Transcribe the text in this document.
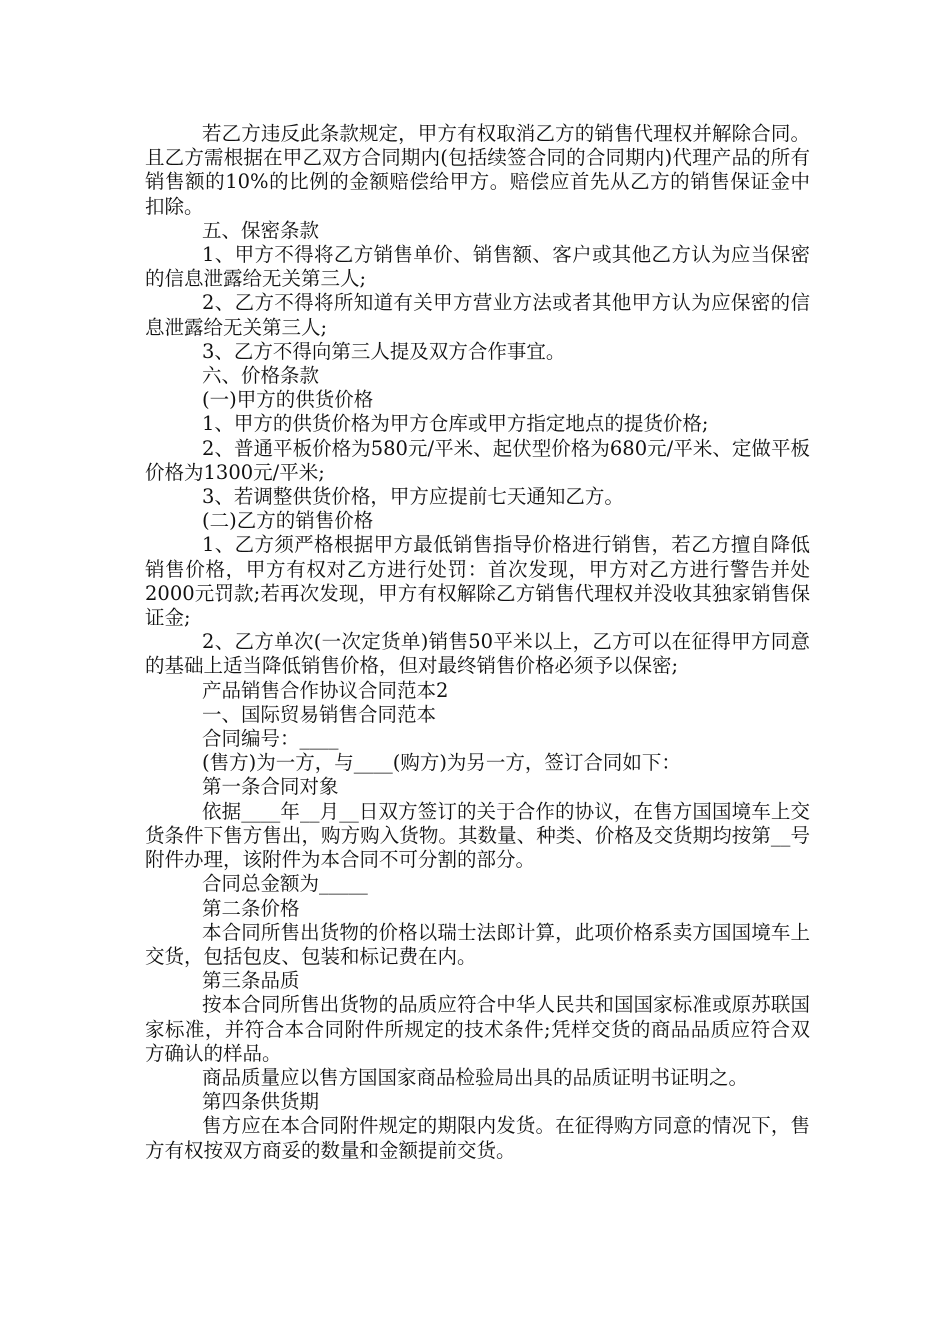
若乙方违反此条款规定，甲方有权取消乙方的销售代理权并解除合同。且乙方需根据在甲乙双方合同期内(包括续签合同的合同期内)代理产品的所有销售额的10%的比例的金额赔偿给甲方。赔偿应首先从乙方的销售保证金中扣除。

五、保密条款

1、甲方不得将乙方销售单价、销售额、客户或其他乙方认为应当保密的信息泄露给无关第三人;

2、乙方不得将所知道有关甲方营业方法或者其他甲方认为应保密的信息泄露给无关第三人;

3、乙方不得向第三人提及双方合作事宜。

六、价格条款

(一)甲方的供货价格

1、甲方的供货价格为甲方仓库或甲方指定地点的提货价格;

2、普通平板价格为580元/平米、起伏型价格为680元/平米、定做平板价格为1300元/平米;

3、若调整供货价格，甲方应提前七天通知乙方。

(二)乙方的销售价格

1、乙方须严格根据甲方最低销售指导价格进行销售，若乙方擅自降低销售价格，甲方有权对乙方进行处罚：首次发现，甲方对乙方进行警告并处2000元罚款;若再次发现，甲方有权解除乙方销售代理权并没收其独家销售保证金;

2、乙方单次(一次定货单)销售50平米以上，乙方可以在征得甲方同意的基础上适当降低销售价格，但对最终销售价格必须予以保密;

产品销售合作协议合同范本2

一、国际贸易销售合同范本

合同编号：____

(售方)为一方，与____(购方)为另一方，签订合同如下：

第一条合同对象

依据____年__月__日双方签订的关于合作的协议，在售方国国境车上交货条件下售方售出，购方购入货物。其数量、种类、价格及交货期均按第__号附件办理，该附件为本合同不可分割的部分。

合同总金额为_____

第二条价格

本合同所售出货物的价格以瑞士法郎计算，此项价格系卖方国国境车上交货，包括包皮、包装和标记费在内。

第三条品质

按本合同所售出货物的品质应符合中华人民共和国国家标准或原苏联国家标准，并符合本合同附件所规定的技术条件;凭样交货的商品品质应符合双方确认的样品。

商品质量应以售方国国家商品检验局出具的品质证明书证明之。

第四条供货期

售方应在本合同附件规定的期限内发货。在征得购方同意的情况下，售方有权按双方商妥的数量和金额提前交货。
